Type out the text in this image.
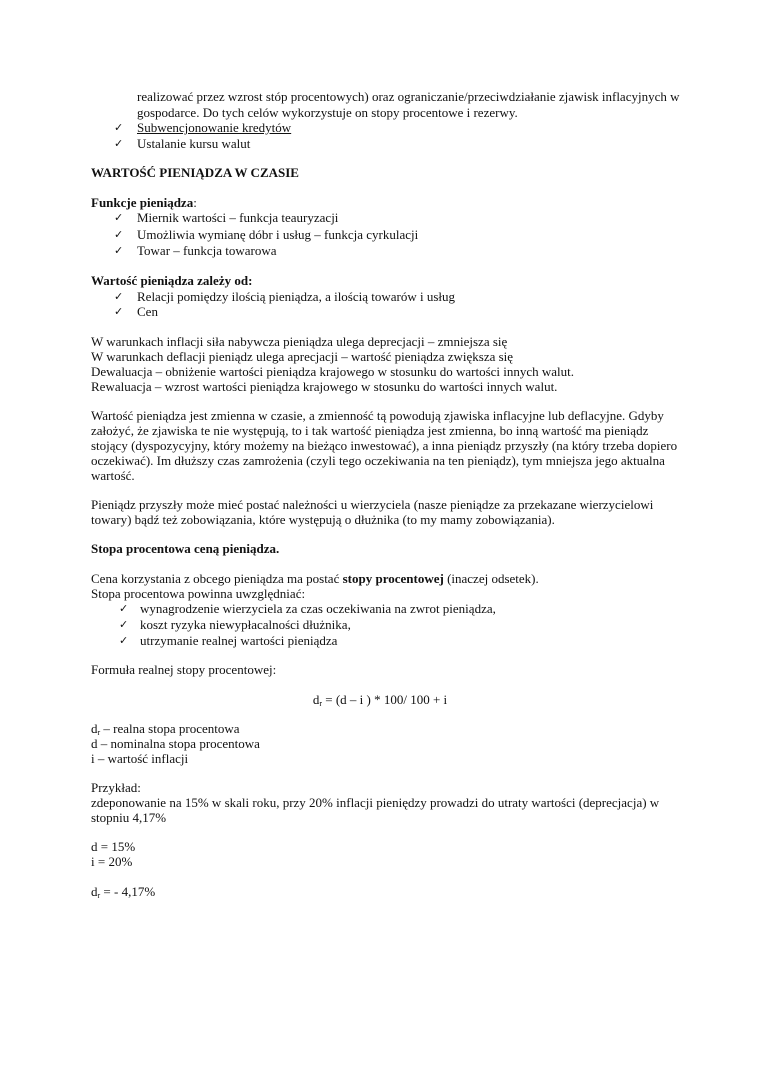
realizować przez wzrost stóp procentowych) oraz ograniczanie/przeciwdziałanie zjawisk inflacyjnych w
gospodarce. Do tych celów wykorzystuje on stopy procentowe i rezerwy.
✓ Subwencjonowanie kredytów
✓ Ustalanie kursu walut
WARTOŚĆ PIENIĄDZA W CZASIE
Funkcje pieniądza:
✓ Miernik wartości – funkcja teauryzacji
✓ Umożliwia wymianę dóbr i usług – funkcja cyrkulacji
✓ Towar – funkcja towarowa
Wartość pieniądza zależy od:
✓ Relacji pomiędzy ilością pieniądza, a ilością towarów i usług
✓ Cen
W warunkach inflacji siła nabywcza pieniądza ulega deprecjacji – zmniejsza się
W warunkach deflacji pieniądz ulega aprecjacji – wartość pieniądza zwiększa się
Dewaluacja – obniżenie wartości pieniądza krajowego w stosunku do wartości innych walut.
Rewaluacja – wzrost wartości pieniądza krajowego w stosunku do wartości innych walut.
Wartość pieniądza jest zmienna w czasie, a zmienność tą powodują zjawiska inflacyjne lub deflacyjne. Gdyby
założyć, że zjawiska te nie występują, to i tak wartość pieniądza jest zmienna, bo inną wartość ma pieniądz
stojący (dyspozycyjny, który możemy na bieżąco inwestować), a inna pieniądz przyszły (na który trzeba dopiero
oczekiwać). Im dłuższy czas zamrożenia (czyli tego oczekiwania na ten pieniądz), tym mniejsza jego aktualna
wartość.
Pieniądz przyszły może mieć postać należności u wierzyciela (nasze pieniądze za przekazane wierzycielowi
towary) bądź też zobowiązania, które występują o dłużnika (to my mamy zobowiązania).
Stopa procentowa ceną pieniądza.
Cena korzystania z obcego pieniądza ma postać stopy procentowej (inaczej odsetek).
Stopa procentowa powinna uwzględniać:
✓ wynagrodzenie wierzyciela za czas oczekiwania na zwrot pieniądza,
✓ koszt ryzyka niewypłacalności dłużnika,
✓ utrzymanie realnej wartości pieniądza
Formuła realnej stopy procentowej:
$d_r = (d - i$ ) * 100/ 100 + i
$d_r$ – realna stopa procentowa
d – nominalna stopa procentowa
i – wartość inflacji
Przykład:
zdeponowanie na 15% w skali roku, przy 20% inflacji pieniędzy prowadzi do utraty wartości (deprecjacja) w
stopniu 4,17%
d = 15%
i = 20%
$d_r$ = - 4,17%
